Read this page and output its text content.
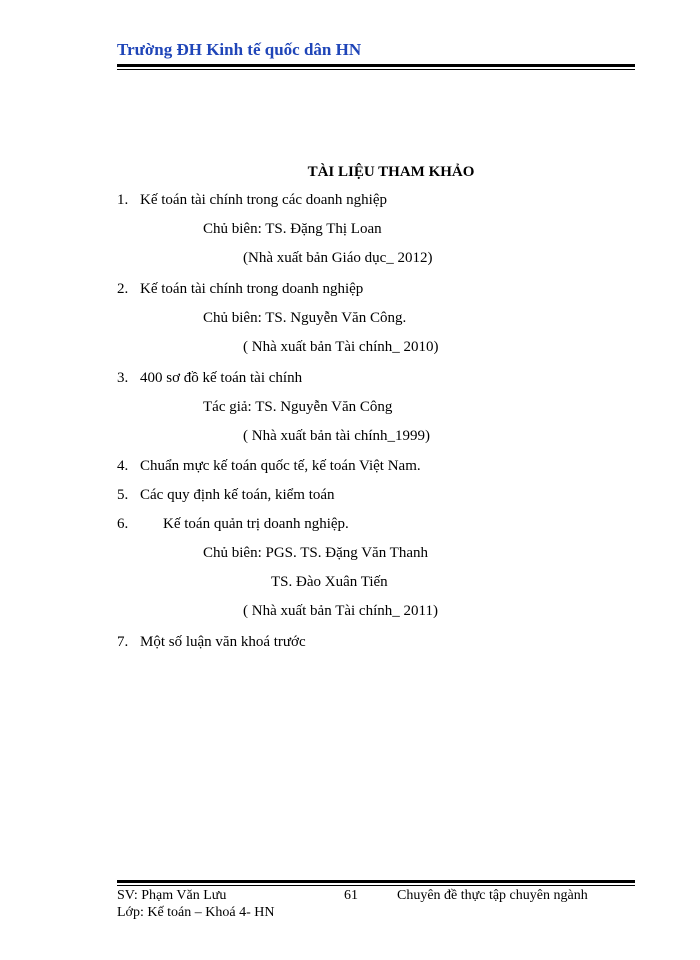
Trường ĐH Kinh tế quốc dân HN
TÀI LIỆU THAM KHẢO
1. Kế toán tài chính trong các doanh nghiệp
Chủ biên: TS. Đặng Thị Loan
(Nhà xuất bản Giáo dục_ 2012)
2. Kế toán tài chính trong doanh nghiệp
Chủ biên: TS. Nguyễn Văn Công.
( Nhà xuất bản Tài chính_ 2010)
3. 400 sơ đồ kế toán tài chính
Tác giả: TS. Nguyễn Văn Công
( Nhà xuất bản tài chính_1999)
4. Chuẩn mực kế toán quốc tế, kế toán Việt Nam.
5. Các quy định kế toán, kiểm toán
6. Kế toán quản trị doanh nghiệp.
Chủ biên: PGS. TS. Đặng Văn Thanh
TS. Đào Xuân Tiến
( Nhà xuất bản Tài chính_ 2011)
7. Một số luận văn khoá trước
SV: Phạm Văn Lưu
Lớp: Kế toán – Khoá 4- HN
61	Chuyên đề thực tập chuyên ngành
